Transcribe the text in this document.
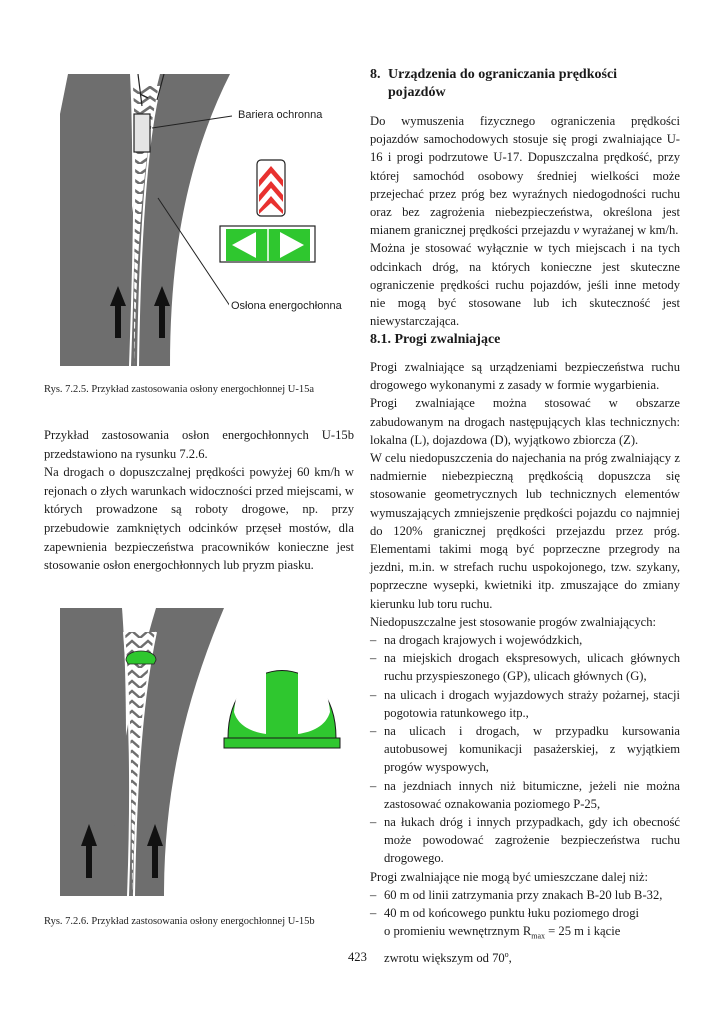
Bariera ochronna
Osłona energochłonna
Rys. 7.2.5. Przykład zastosowania osłony energochłonnej U-15a

Przykład zastosowania osłon energochłonnych U-15b przedstawiono na rysunku 7.2.6.

Na drogach o dopuszczalnej prędkości powyżej 60 km/h w rejonach o złych warunkach widoczności przed miejscami, w których prowadzone są roboty drogowe, np. przy przebudowie zamkniętych odcinków przęseł mostów, dla zapewnienia bezpieczeństwa pracowników konieczne jest stosowanie osłon energochłonnych lub pryzm piasku.

Rys. 7.2.6. Przykład zastosowania osłony energochłonnej U-15b
8. Urządzenia do ograniczania prędkości
pojazdów

Do wymuszenia fizycznego ograniczenia prędkości pojazdów samochodowych stosuje się progi zwalniające U-16 i progi podrzutowe U-17. Dopuszczalna prędkość, przy której samochód osobowy średniej wielkości może przejechać przez próg bez wyraźnych niedogodności ruchu oraz bez zagrożenia niebezpieczeństwa, określona jest mianem granicznej prędkości przejazdu v wyrażanej w km/h.

Można je stosować wyłącznie w tych miejscach i na tych odcinkach dróg, na których konieczne jest skuteczne ograniczenie prędkości ruchu pojazdów, jeśli inne metody nie mogą być stosowane lub ich skuteczność jest niewystarczająca.

8.1. Progi zwalniające

Progi zwalniające są urządzeniami bezpieczeństwa ruchu drogowego wykonanymi z zasady w formie wygarbienia.

Progi zwalniające można stosować w obszarze zabudowanym na drogach następujących klas technicznych: lokalna (L), dojazdowa (D), wyjątkowo zbiorcza (Z).

W celu niedopuszczenia do najechania na próg zwalniający z nadmiernie niebezpieczną prędkością dopuszcza się stosowanie geometrycznych lub technicznych elementów wymuszających zmniejszenie prędkości pojazdu co najmniej do 120% granicznej prędkości przejazdu przez próg. Elementami takimi mogą być poprzeczne przegrody na jezdni, m.in. w strefach ruchu uspokojonego, tzw. szykany, poprzeczne wysepki, kwietniki itp. zmuszające do zmiany kierunku lub toru ruchu.

Niedopuszczalne jest stosowanie progów zwalniających:

– na drogach krajowych i wojewódzkich,
– na miejskich drogach ekspresowych, ulicach głównych ruchu przyspieszonego (GP), ulicach głównych (G),
– na ulicach i drogach wyjazdowych straży pożarnej, stacji pogotowia ratunkowego itp.,
– na ulicach i drogach, w przypadku kursowania autobusowej komunikacji pasażerskiej, z wyjątkiem progów wyspowych,
– na jezdniach innych niż bitumiczne, jeżeli nie można zastosować oznakowania poziomego P-25,
– na łukach dróg i innych przypadkach, gdy ich obecność może powodować zagrożenie bezpieczeństwa ruchu drogowego.

Progi zwalniające nie mogą być umieszczane dalej niż:

– 60 m od linii zatrzymania przy znakach B-20 lub B-32,
– 40 m od końcowego punktu łuku poziomego drogi
o promieniu wewnętrznym $R_{max} = 25$ m i kącie
zwrotu większym od 70$^o$,
423
